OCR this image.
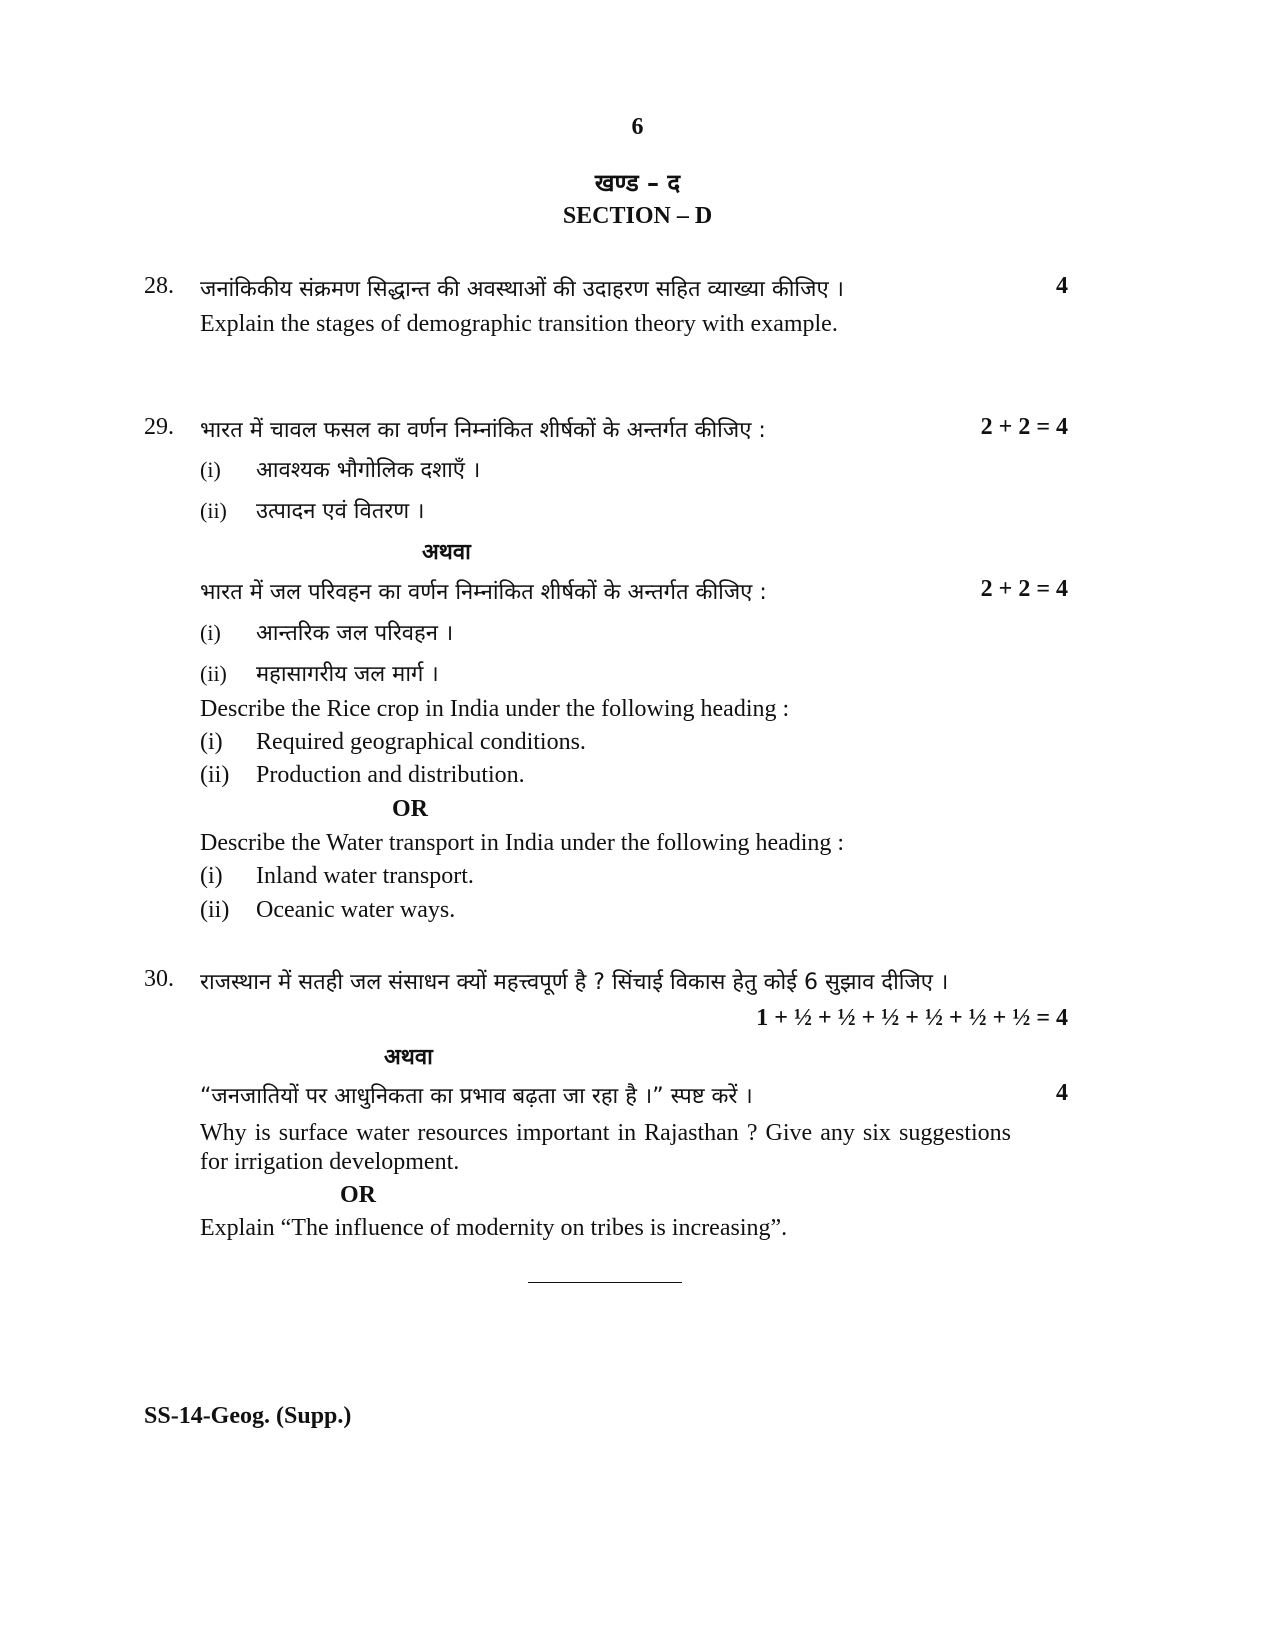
6
खण्ड – द
SECTION – D
28. जनांकिकीय संक्रमण सिद्धान्त की अवस्थाओं की उदाहरण सहित व्याख्या कीजिए ।	4
Explain the stages of demographic transition theory with example.
29. भारत में चावल फसल का वर्णन निम्नांकित शीर्षकों के अन्तर्गत कीजिए :	2 + 2 = 4
(i) आवश्यक भौगोलिक दशाएँ ।
(ii) उत्पादन एवं वितरण ।
अथवा
भारत में जल परिवहन का वर्णन निम्नांकित शीर्षकों के अन्तर्गत कीजिए :	2 + 2 = 4
(i) आन्तरिक जल परिवहन ।
(ii) महासागरीय जल मार्ग ।
Describe the Rice crop in India under the following heading :
(i) Required geographical conditions.
(ii) Production and distribution.
OR
Describe the Water transport in India under the following heading :
(i) Inland water transport.
(ii) Oceanic water ways.
30. राजस्थान में सतही जल संसाधन क्यों महत्त्वपूर्ण है ? सिंचाई विकास हेतु कोई 6 सुझाव दीजिए ।
1 + ½ + ½ + ½ + ½ + ½ + ½ = 4
अथवा
“जनजातियों पर आधुनिकता का प्रभाव बढ़ता जा रहा है ।” स्पष्ट करें ।	4
Why is surface water resources important in Rajasthan ? Give any six suggestions for irrigation development.
OR
Explain “The influence of modernity on tribes is increasing”.
SS-14-Geog. (Supp.)
